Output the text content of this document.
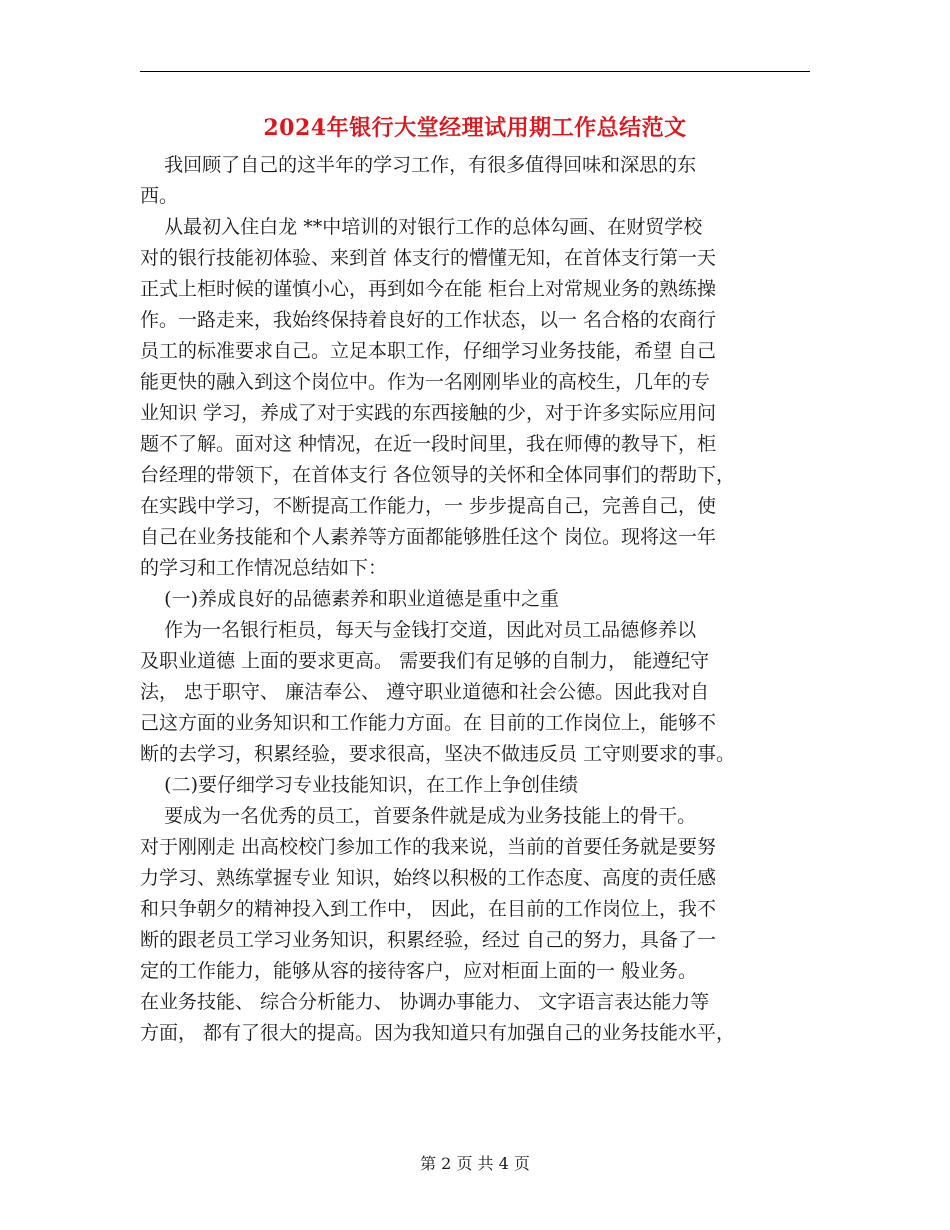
2024年银行大堂经理试用期工作总结范文
我回顾了自己的这半年的学习工作，有很多值得回味和深思的东
西。
从最初入住白龙 **中培训的对银行工作的总体勾画、在财贸学校
对的银行技能初体验、来到首 体支行的懵懂无知，在首体支行第一天
正式上柜时候的谨慎小心，再到如今在能 柜台上对常规业务的熟练操
作。一路走来，我始终保持着良好的工作状态，以一 名合格的农商行
员工的标准要求自己。立足本职工作，仔细学习业务技能，希望 自己
能更快的融入到这个岗位中。作为一名刚刚毕业的高校生，几年的专
业知识 学习，养成了对于实践的东西接触的少，对于许多实际应用问
题不了解。面对这 种情况，在近一段时间里，我在师傅的教导下，柜
台经理的带领下，在首体支行 各位领导的关怀和全体同事们的帮助下，
在实践中学习，不断提高工作能力，一 步步提高自己，完善自己，使
自己在业务技能和个人素养等方面都能够胜任这个 岗位。现将这一年
的学习和工作情况总结如下：
(一)养成良好的品德素养和职业道德是重中之重
作为一名银行柜员，每天与金钱打交道，因此对员工品德修养以
及职业道德 上面的要求更高。 需要我们有足够的自制力， 能遵纪守
法， 忠于职守、 廉洁奉公、 遵守职业道德和社会公德。因此我对自
己这方面的业务知识和工作能力方面。在 目前的工作岗位上，能够不
断的去学习，积累经验，要求很高，坚决不做违反员 工守则要求的事。
(二)要仔细学习专业技能知识，在工作上争创佳绩
要成为一名优秀的员工，首要条件就是成为业务技能上的骨干。
对于刚刚走 出高校校门参加工作的我来说，当前的首要任务就是要努
力学习、熟练掌握专业 知识，始终以积极的工作态度、高度的责任感
和只争朝夕的精神投入到工作中， 因此，在目前的工作岗位上，我不
断的跟老员工学习业务知识，积累经验，经过 自己的努力，具备了一
定的工作能力，能够从容的接待客户，应对柜面上面的一 般业务。
在业务技能、 综合分析能力、 协调办事能力、 文字语言表达能力等
方面， 都有了很大的提高。因为我知道只有加强自己的业务技能水平，
第 2 页 共 4 页
